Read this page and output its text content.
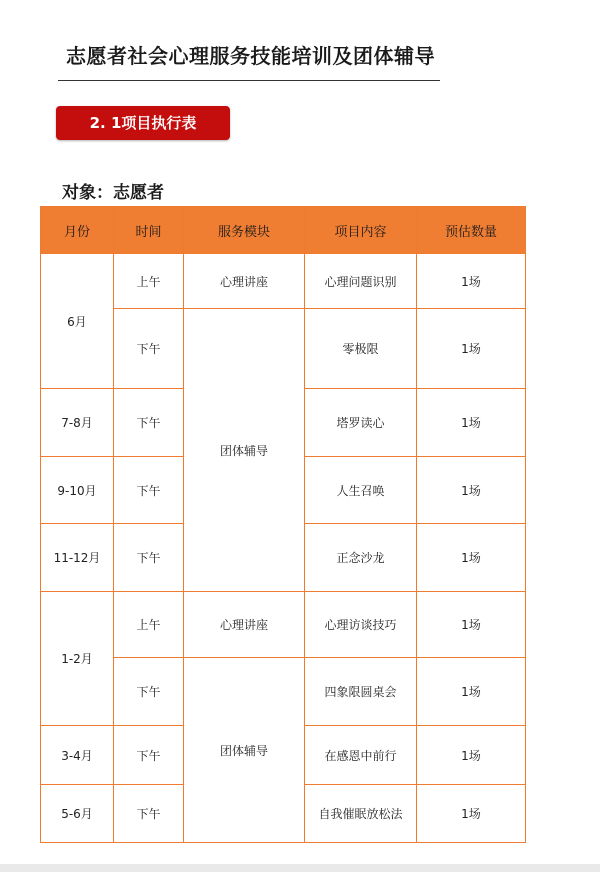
志愿者社会心理服务技能培训及团体辅导
2. 1项目执行表
对象：志愿者
月份	时间	服务模块	项目内容	预估数量
6月	上午	心理讲座	心理问题识别	1场
	下午	团体辅导	零极限	1场
7-8月	下午		塔罗读心	1场
9-10月	下午		人生召唤	1场
11-12月	下午		正念沙龙	1场
1-2月	上午	心理讲座	心理访谈技巧	1场
	下午	团体辅导	四象限圆桌会	1场
3-4月	下午		在感恩中前行	1场
5-6月	下午		自我催眠放松法	1场
